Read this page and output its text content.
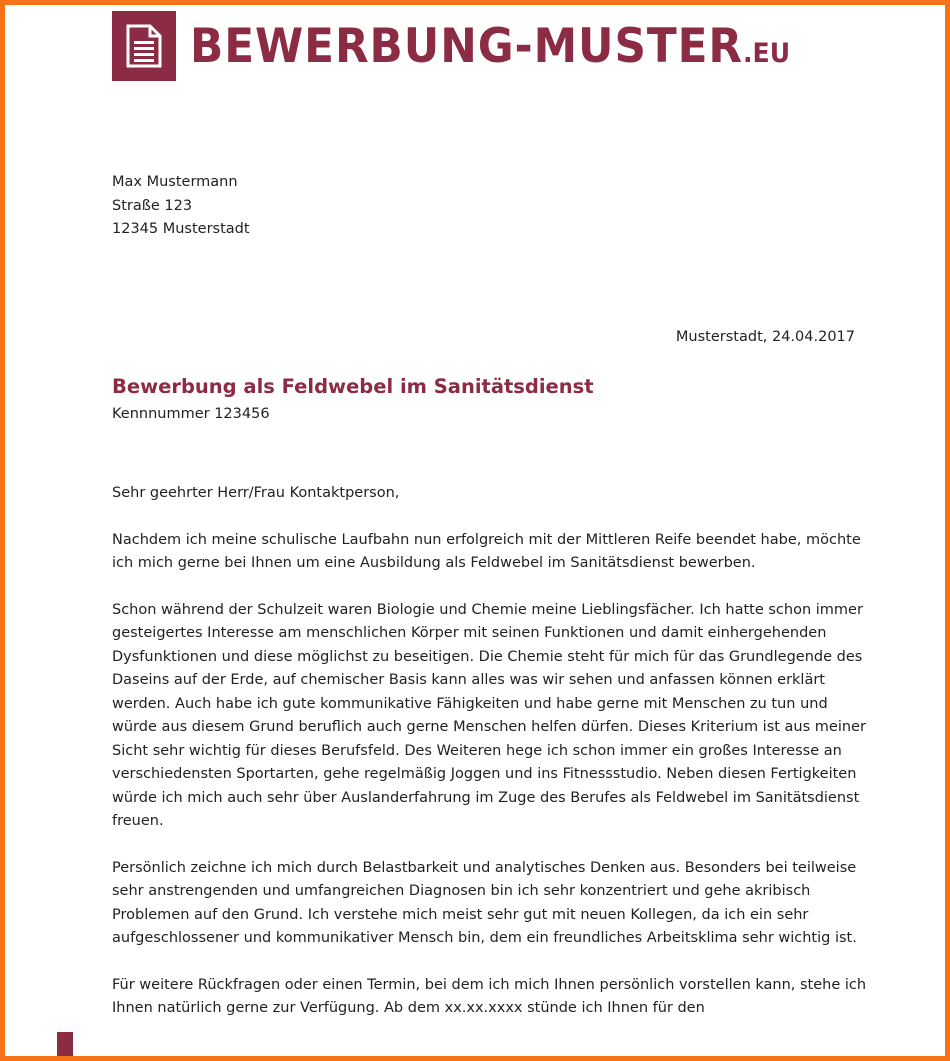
BEWERBUNG-MUSTER.EU
Max Mustermann
Straße 123
12345 Musterstadt
Musterstadt, 24.04.2017
Bewerbung als Feldwebel im Sanitätsdienst
Kennnummer 123456

Sehr geehrter Herr/Frau Kontaktperson,

Nachdem ich meine schulische Laufbahn nun erfolgreich mit der Mittleren Reife beendet habe, möchte ich mich gerne bei Ihnen um eine Ausbildung als Feldwebel im Sanitätsdienst bewerben.

Schon während der Schulzeit waren Biologie und Chemie meine Lieblingsfächer. Ich hatte schon immer gesteigertes Interesse am menschlichen Körper mit seinen Funktionen und damit einhergehenden Dysfunktionen und diese möglichst zu beseitigen. Die Chemie steht für mich für das Grundlegende des Daseins auf der Erde, auf chemischer Basis kann alles was wir sehen und anfassen können erklärt werden. Auch habe ich gute kommunikative Fähigkeiten und habe gerne mit Menschen zu tun und würde aus diesem Grund beruflich auch gerne Menschen helfen dürfen. Dieses Kriterium ist aus meiner Sicht sehr wichtig für dieses Berufsfeld. Des Weiteren hege ich schon immer ein großes Interesse an verschiedensten Sportarten, gehe regelmäßig Joggen und ins Fitnessstudio. Neben diesen Fertigkeiten würde ich mich auch sehr über Auslanderfahrung im Zuge des Berufes als Feldwebel im Sanitätsdienst freuen.

Persönlich zeichne ich mich durch Belastbarkeit und analytisches Denken aus. Besonders bei teilweise sehr anstrengenden und umfangreichen Diagnosen bin ich sehr konzentriert und gehe akribisch Problemen auf den Grund. Ich verstehe mich meist sehr gut mit neuen Kollegen, da ich ein sehr aufgeschlossener und kommunikativer Mensch bin, dem ein freundliches Arbeitsklima sehr wichtig ist.

Für weitere Rückfragen oder einen Termin, bei dem ich mich Ihnen persönlich vorstellen kann, stehe ich Ihnen natürlich gerne zur Verfügung. Ab dem xx.xx.xxxx stünde ich Ihnen für den
